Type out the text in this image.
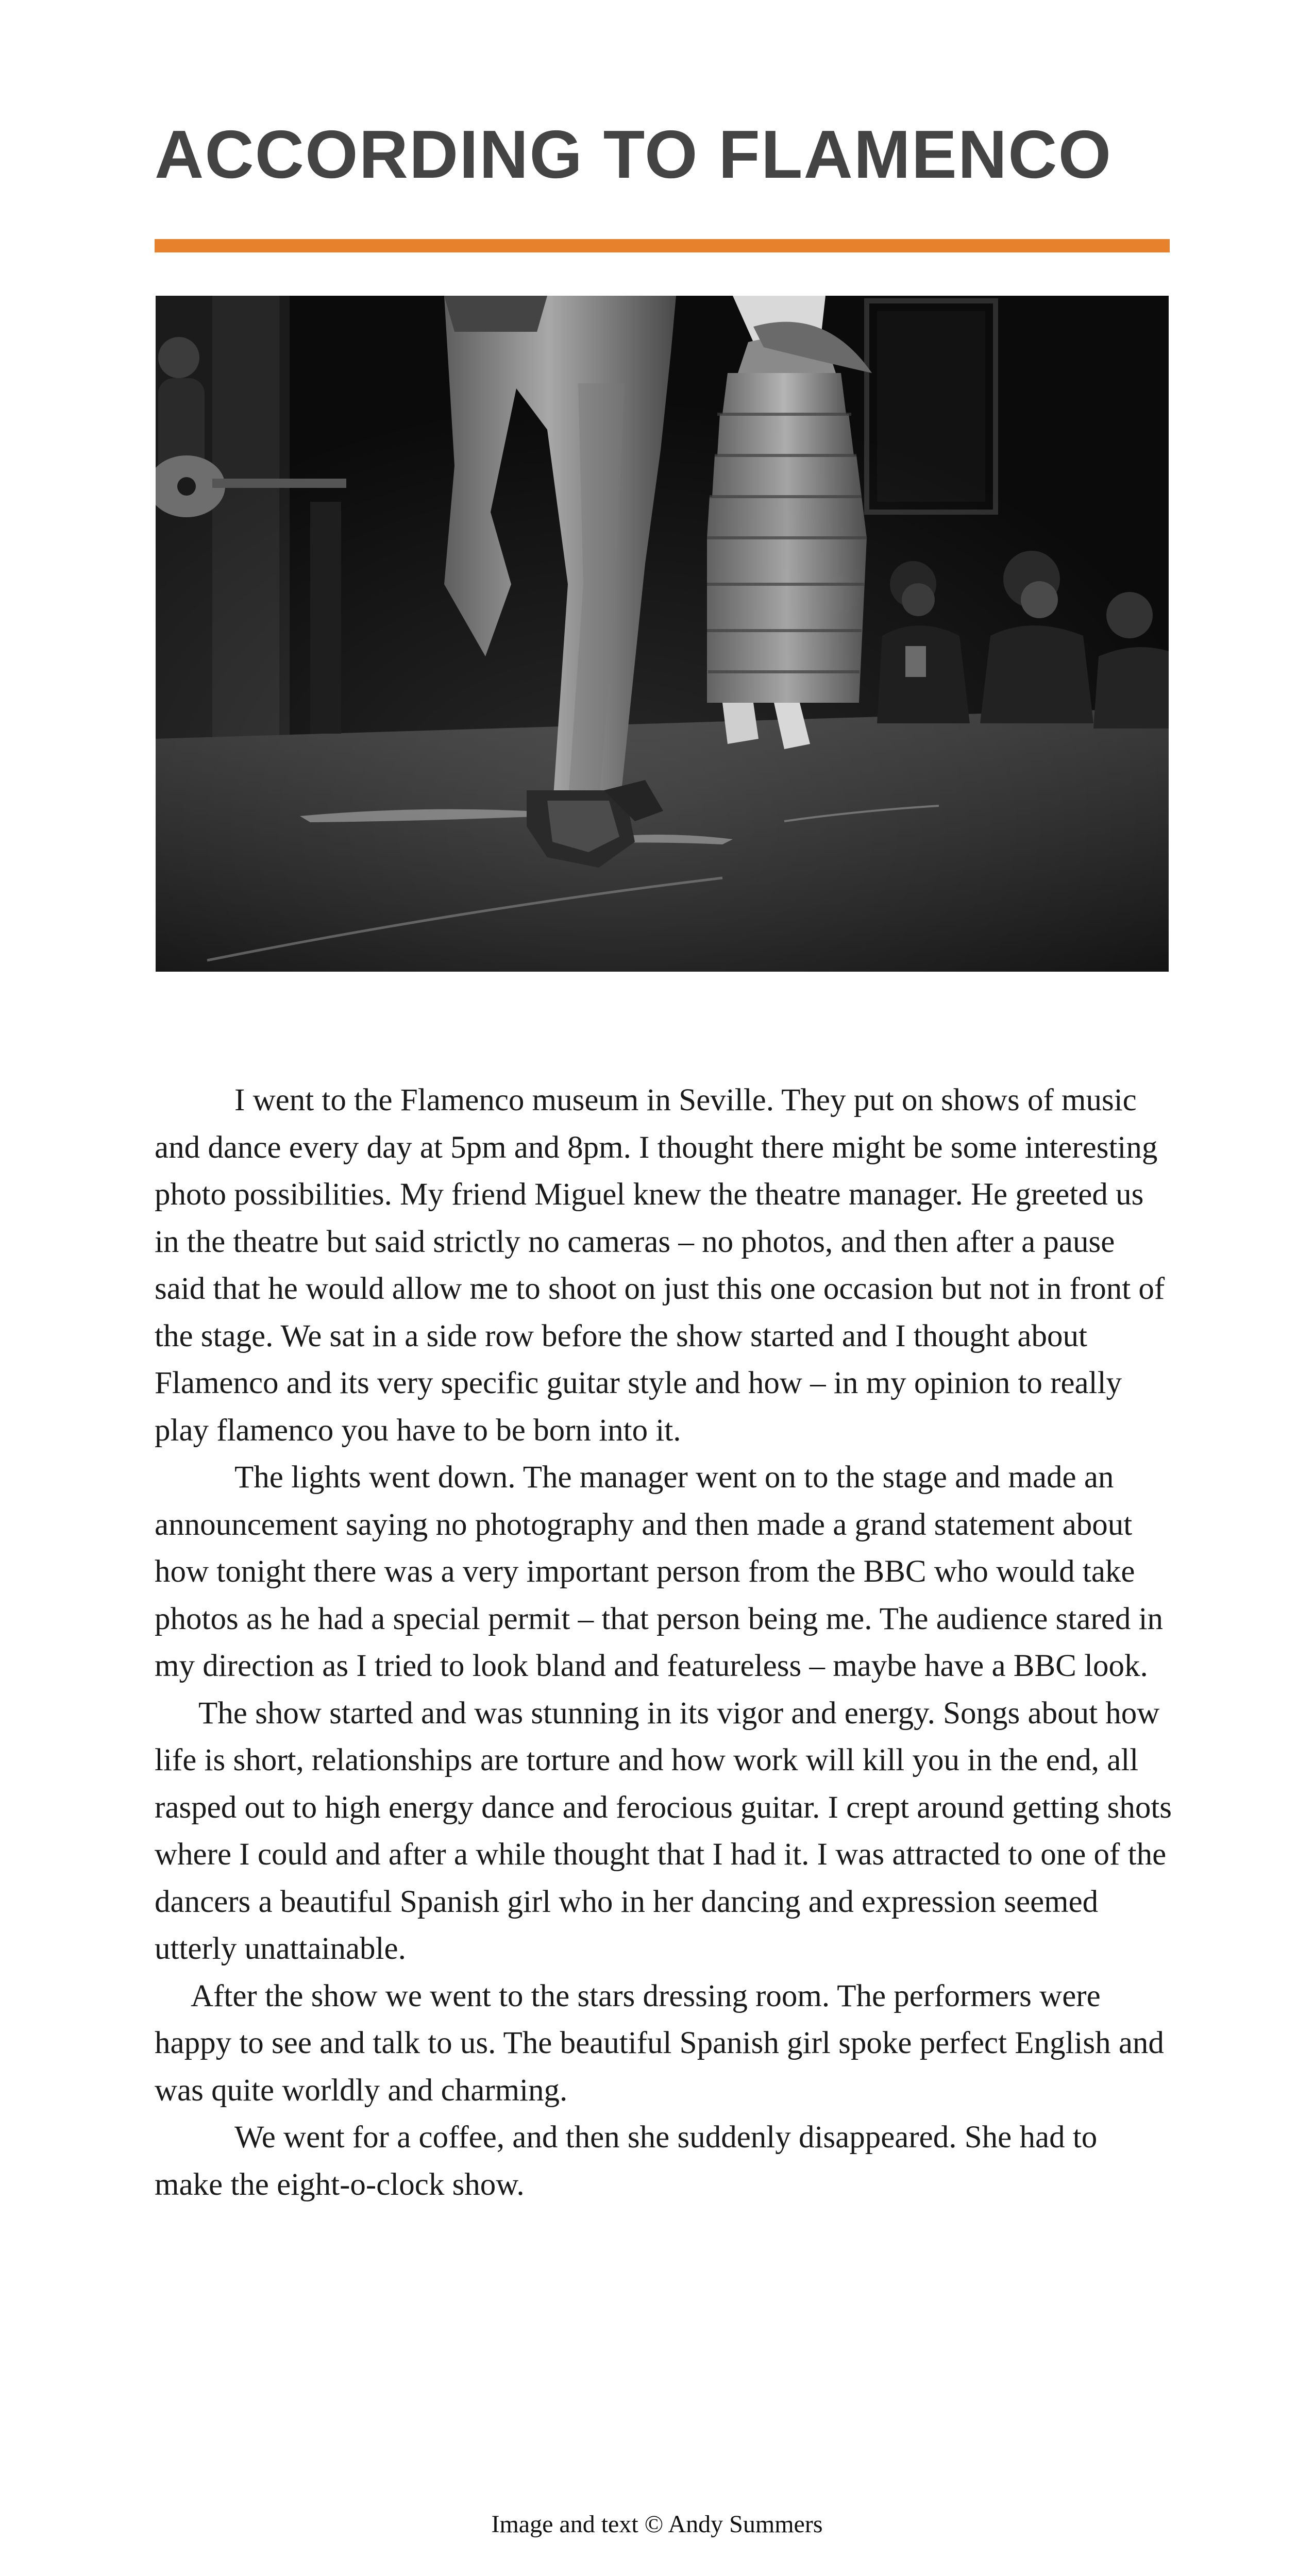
ACCORDING TO FLAMENCO

I went to the Flamenco museum in Seville. They put on shows of music and dance every day at 5pm and 8pm. I thought there might be some interesting photo possibilities. My friend Miguel knew the theatre manager. He greeted us in the theatre but said strictly no cameras – no photos, and then after a pause said that he would allow me to shoot on just this one occasion but not in front of the stage. We sat in a side row before the show started and I thought about Flamenco and its very specific guitar style and how – in my opinion to really play flamenco you have to be born into it.

The lights went down. The manager went on to the stage and made an announcement saying no photography and then made a grand statement about how tonight there was a very important person from the BBC who would take photos as he had a special permit – that person being me. The audience stared in my direction as I tried to look bland and featureless – maybe have a BBC look.

The show started and was stunning in its vigor and energy. Songs about how life is short, relationships are torture and how work will kill you in the end, all rasped out to high energy dance and ferocious guitar. I crept around getting shots where I could and after a while thought that I had it. I was attracted to one of the dancers a beautiful Spanish girl who in her dancing and expression seemed utterly unattainable.

After the show we went to the stars dressing room. The performers were happy to see and talk to us. The beautiful Spanish girl spoke perfect English and was quite worldly and charming.

We went for a coffee, and then she suddenly disappeared. She had to make the eight-o-clock show.

Image and text © Andy Summers
